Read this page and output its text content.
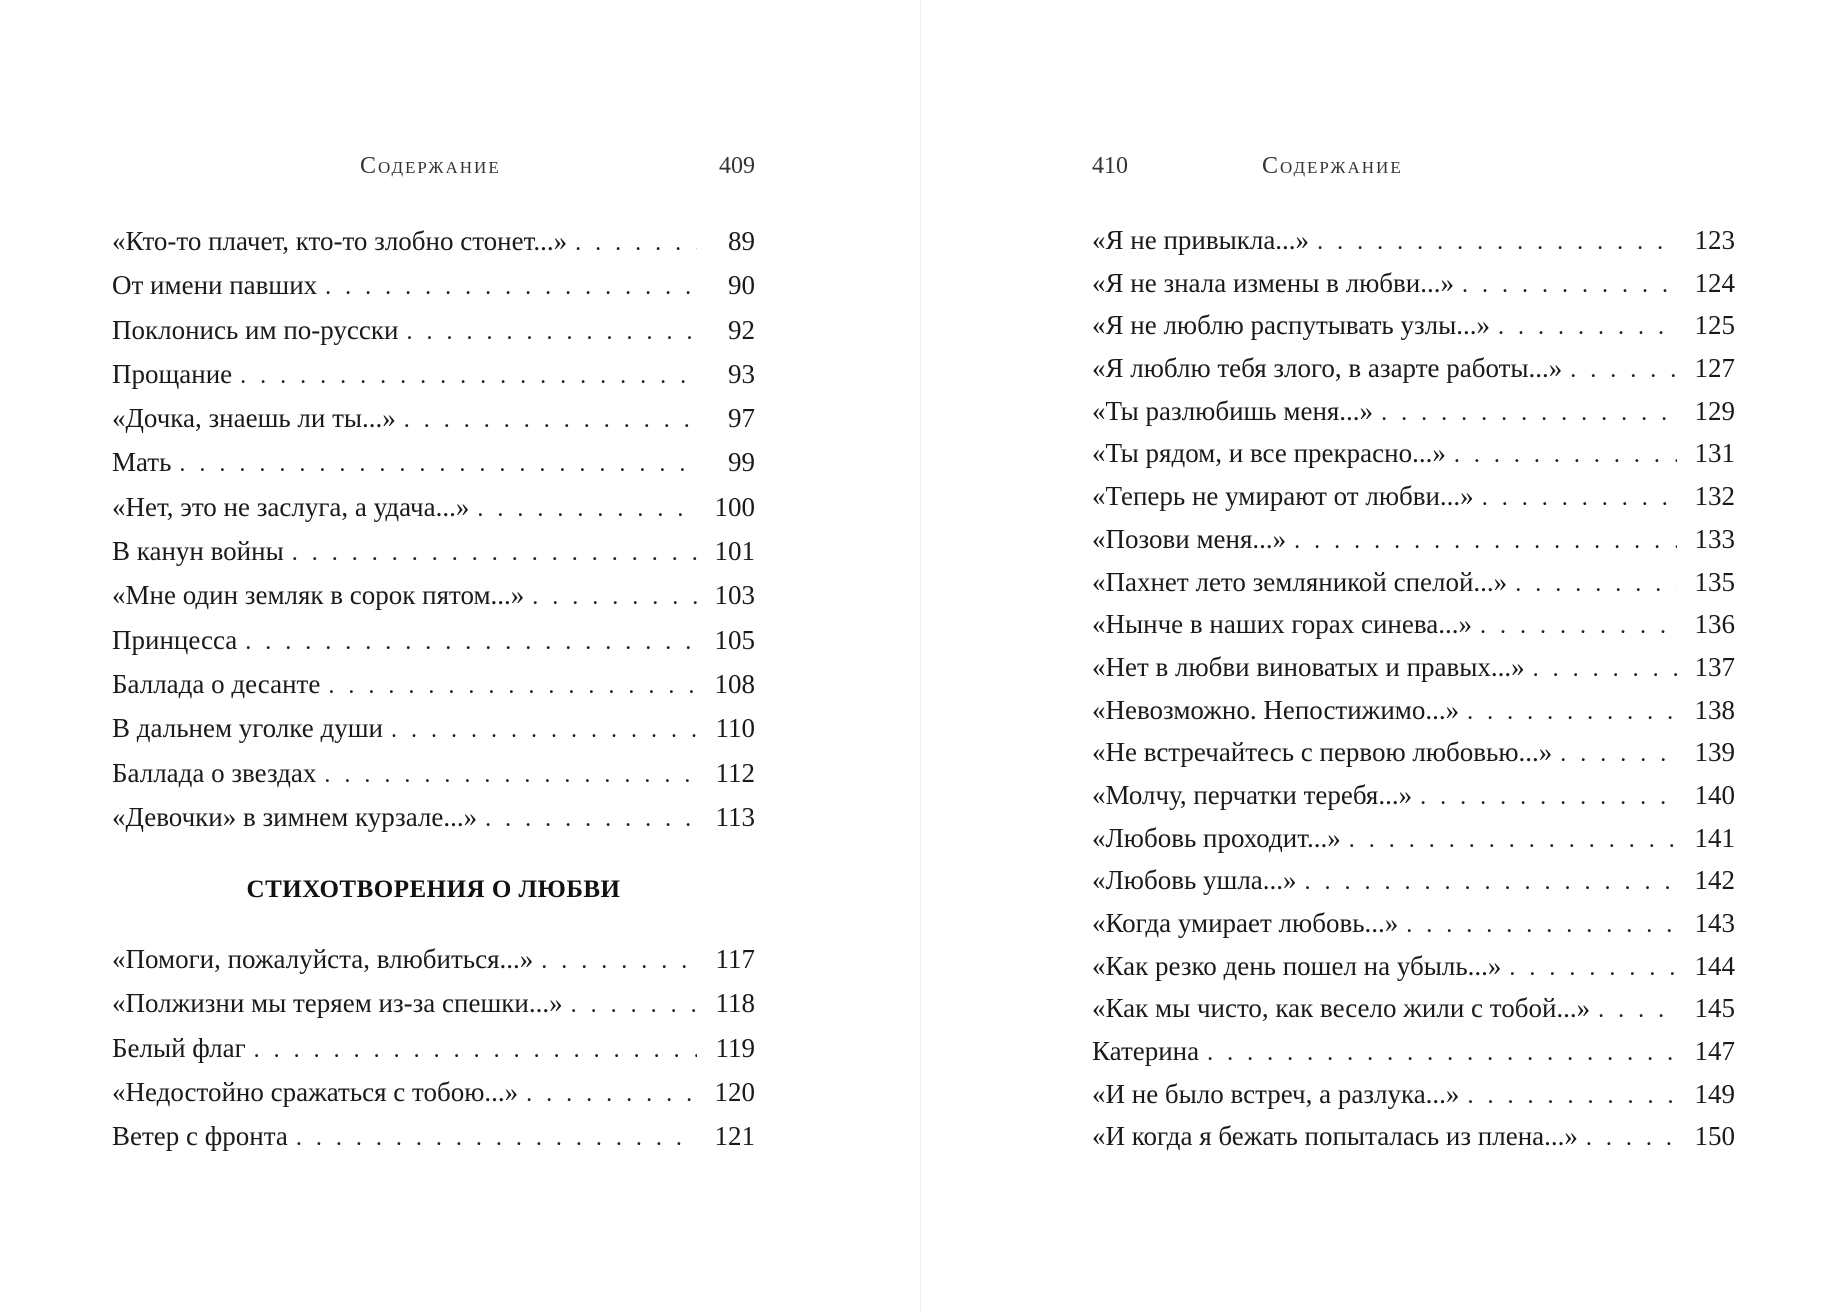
Содержание	409
«Кто-то плачет, кто-то злобно стонет...» . . .	89
От имени павших . . .	90
Поклонись им по-русски . . .	92
Прощание . . .	93
«Дочка, знаешь ли ты...» . . .	97
Мать . . .	99
«Нет, это не заслуга, а удача...» . . .	100
В канун войны . . .	101
«Мне один земляк в сорок пятом...» . . .	103
Принцесса . . .	105
Баллада о десанте . . .	108
В дальнем уголке души . . .	110
Баллада о звездах . . .	112
«Девочки» в зимнем курзале...» . . .	113
СТИХОТВОРЕНИЯ О ЛЮБВИ
«Помоги, пожалуйста, влюбиться...» . . .	117
«Полжизни мы теряем из-за спешки...» . . .	118
Белый флаг . . .	119
«Недостойно сражаться с тобою...» . . .	120
Ветер с фронта . . .	121
410	Содержание
«Я не привыкла...» . . .	123
«Я не знала измены в любви...» . . .	124
«Я не люблю распутывать узлы...» . . .	125
«Я люблю тебя злого, в азарте работы...» . . .	127
«Ты разлюбишь меня...» . . .	129
«Ты рядом, и все прекрасно...» . . .	131
«Теперь не умирают от любви...» . . .	132
«Позови меня...» . . .	133
«Пахнет лето земляникой спелой...» . . .	135
«Нынче в наших горах синева...» . . .	136
«Нет в любви виноватых и правых...» . . .	137
«Невозможно. Непостижимо...» . . .	138
«Не встречайтесь с первою любовью...» . . .	139
«Молчу, перчатки теребя...» . . .	140
«Любовь проходит...» . . .	141
«Любовь ушла...» . . .	142
«Когда умирает любовь...» . . .	143
«Как резко день пошел на убыль...» . . .	144
«Как мы чисто, как весело жили с тобой...» . . .	145
Катерина . . .	147
«И не было встреч, а разлука...» . . .	149
«И когда я бежать попыталась из плена...» . . .	150
